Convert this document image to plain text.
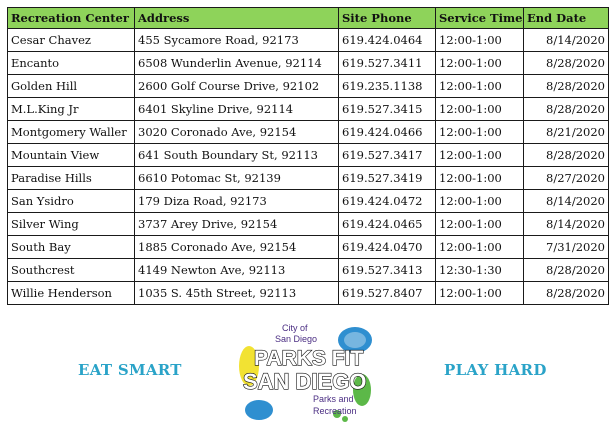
Recreation Center	Address	Site Phone	Service Time	End Date
Cesar Chavez	455 Sycamore Road, 92173	619.424.0464	12:00-1:00	8/14/2020
Encanto	6508 Wunderlin Avenue, 92114	619.527.3411	12:00-1:00	8/28/2020
Golden Hill	2600 Golf Course Drive, 92102	619.235.1138	12:00-1:00	8/28/2020
M.L.King Jr	6401 Skyline Drive, 92114	619.527.3415	12:00-1:00	8/28/2020
Montgomery Waller	3020 Coronado Ave, 92154	619.424.0466	12:00-1:00	8/21/2020
Mountain View	641 South Boundary St, 92113	619.527.3417	12:00-1:00	8/28/2020
Paradise Hills	6610 Potomac St, 92139	619.527.3419	12:00-1:00	8/27/2020
San Ysidro	179 Diza Road, 92173	619.424.0472	12:00-1:00	8/14/2020
Silver Wing	3737 Arey Drive, 92154	619.424.0465	12:00-1:00	8/14/2020
South Bay	1885 Coronado Ave, 92154	619.424.0470	12:00-1:00	7/31/2020
Southcrest	4149 Newton Ave, 92113	619.527.3413	12:30-1:30	8/28/2020
Willie Henderson	1035 S. 45th Street, 92113	619.527.8407	12:00-1:00	8/28/2020
EAT SMART	PLAY HARD
City of
San Diego
PARKS FIT
SAN DIEGO
Parks and
Recreation
